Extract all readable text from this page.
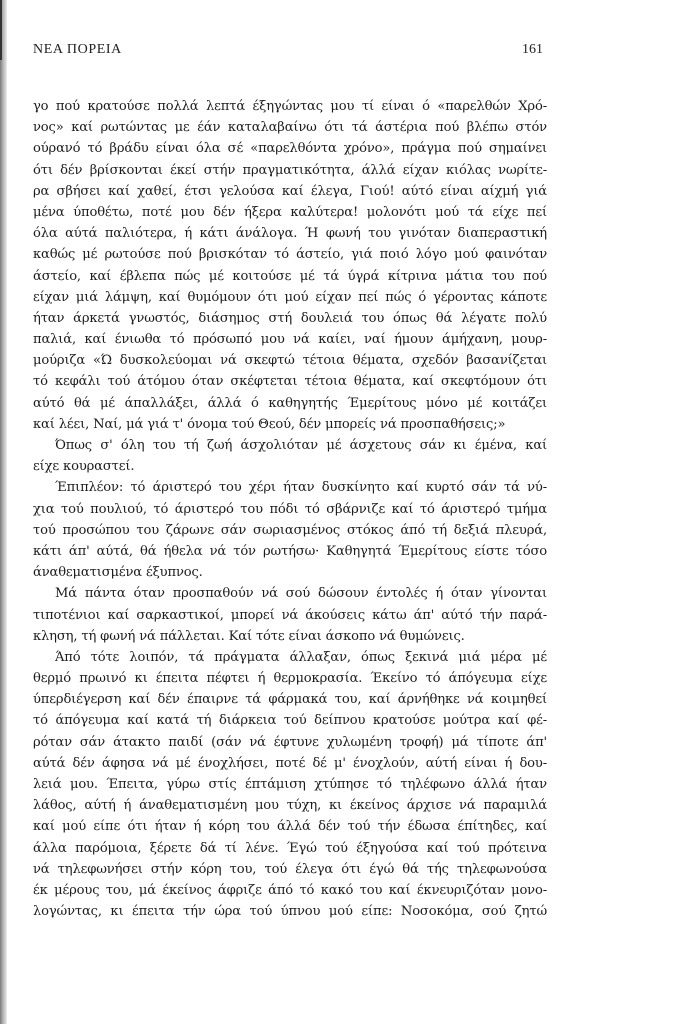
ΝΕΑ ΠΟΡΕΙΑ	161
γο πού κρατούσε πολλά λεπτά έξηγώντας μου τί είναι ό «παρελθών Χρό-
νος» καί ρωτώντας με έάν καταλαβαίνω ότι τά άστέρια πού βλέπω στόν
ούρανό τό βράδυ είναι όλα σέ «παρελθόντα χρόνο», πράγμα πού σημαίνει
ότι δέν βρίσκονται έκεί στήν πραγματικότητα, άλλά είχαν κιόλας νωρίτε-
ρα σβήσει καί χαθεί, έτσι γελούσα καί έλεγα, Γιού! αύτό είναι αίχμή γιά
μένα ύποθέτω, ποτέ μου δέν ήξερα καλύτερα! μολονότι μού τά είχε πεί
όλα αύτά παλιότερα, ή κάτι άνάλογα. Ή φωνή του γινόταν διαπεραστική
καθώς μέ ρωτούσε πού βρισκόταν τό άστείο, γιά ποιό λόγο μού φαινόταν
άστείο, καί έβλεπα πώς μέ κοιτούσε μέ τά ύγρά κίτρινα μάτια του πού
είχαν μιά λάμψη, καί θυμόμουν ότι μού είχαν πεί πώς ό γέροντας κάποτε
ήταν άρκετά γνωστός, διάσημος στή δουλειά του όπως θά λέγατε πολύ
παλιά, καί ένιωθα τό πρόσωπό μου νά καίει, ναί ήμουν άμήχανη, μουρ-
μούριζα «Ώ δυσκολεύομαι νά σκεφτώ τέτοια θέματα, σχεδόν βασανίζεται
τό κεφάλι τού άτόμου όταν σκέφτεται τέτοια θέματα, καί σκεφτόμουν ότι
αύτό θά μέ άπαλλάξει, άλλά ό καθηγητής Έμερίτους μόνο μέ κοιτάζει
καί λέει, Ναί, μά γιά τ' όνομα τού Θεού, δέν μπορείς νά προσπαθήσεις;»
Όπως σ' όλη του τή ζωή άσχολιόταν μέ άσχετους σάν κι έμένα, καί
είχε κουραστεί.
Έπιπλέον: τό άριστερό του χέρι ήταν δυσκίνητο καί κυρτό σάν τά νύ-
χια τού πουλιού, τό άριστερό του πόδι τό σβάρνιζε καί τό άριστερό τμήμα
τού προσώπου του ζάρωνε σάν σωριασμένος στόκος άπό τή δεξιά πλευρά,
κάτι άπ' αύτά, θά ήθελα νά τόν ρωτήσω· Καθηγητά Έμερίτους είστε τόσο
άναθεματισμένα έξυπνος.
Μά πάντα όταν προσπαθούν νά σού δώσουν έντολές ή όταν γίνονται
τιποτένιοι καί σαρκαστικοί, μπορεί νά άκούσεις κάτω άπ' αύτό τήν παρά-
κληση, τή φωνή νά πάλλεται. Καί τότε είναι άσκοπο νά θυμώνεις.
Άπό τότε λοιπόν, τά πράγματα άλλαξαν, όπως ξεκινά μιά μέρα μέ
θερμό πρωινό κι έπειτα πέφτει ή θερμοκρασία. Έκείνο τό άπόγευμα είχε
ύπερδιέγερση καί δέν έπαιρνε τά φάρμακά του, καί άρνήθηκε νά κοιμηθεί
τό άπόγευμα καί κατά τή διάρκεια τού δείπνου κρατούσε μούτρα καί φέ-
ρόταν σάν άτακτο παιδί (σάν νά έφτυνε χυλωμένη τροφή) μά τίποτε άπ'
αύτά δέν άφησα νά μέ ένοχλήσει, ποτέ δέ μ' ένοχλούν, αύτή είναι ή δου-
λειά μου. Έπειτα, γύρω στίς έπτάμιση χτύπησε τό τηλέφωνο άλλά ήταν
λάθος, αύτή ή άναθεματισμένη μου τύχη, κι έκείνος άρχισε νά παραμιλά
καί μού είπε ότι ήταν ή κόρη του άλλά δέν τού τήν έδωσα έπίτηδες, καί
άλλα παρόμοια, ξέρετε δά τί λένε. Έγώ τού έξηγούσα καί τού πρότεινα
νά τηλεφωνήσει στήν κόρη του, τού έλεγα ότι έγώ θά τής τηλεφωνούσα
έκ μέρους του, μά έκείνος άφριζε άπό τό κακό του καί έκνευριζόταν μονο-
λογώντας, κι έπειτα τήν ώρα τού ύπνου μού είπε: Νοσοκόμα, σού ζητώ
